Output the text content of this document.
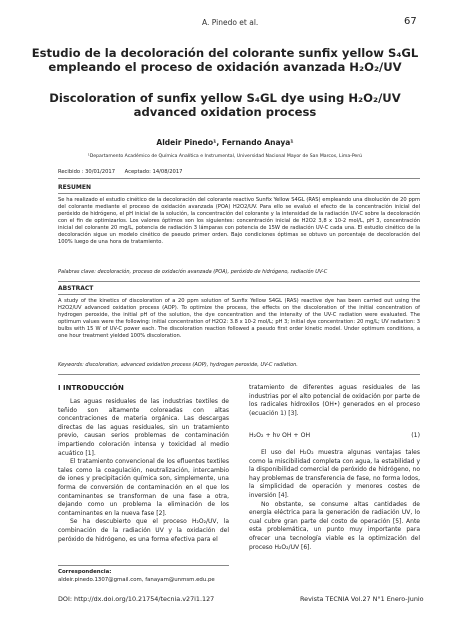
A. Pinedo et al.	67
Estudio de la decoloración del colorante sunfix yellow S₄GL empleando el proceso de oxidación avanzada H₂O₂/UV
Discoloration of sunfix yellow S₄GL dye using H₂O₂/UV advanced oxidation process
Aldeir Pinedo¹, Fernando Anaya¹
¹Departamento Académico de Química Analítica e Instrumental, Universidad Nacional Mayor de San Marcos, Lima-Perú
Recibido : 30/01/2017 Aceptado: 14/08/2017
RESUMEN
Se ha realizado el estudio cinético de la decoloración del colorante reactivo Sunfix Yellow S4GL (RAS) empleando una disolución de 20 ppm del colorante mediante el proceso de oxidación avanzada (POA) H2O2/UV. Para ello se evaluó el efecto de la concentración inicial del peróxido de hidrógeno, el pH inicial de la solución, la concentración del colorante y la intensidad de la radiación UV-C sobre la decoloración con el fin de optimizarlos. Los valores óptimos son los siguientes: concentración inicial de H2O2 3,8 x 10-2 mol/L, pH 3, concentración inicial del colorante 20 mg/L, potencia de radiación 3 lámparas con potencia de 15W de radiación UV-C cada una. El estudio cinético de la decoloración sigue un modelo cinético de pseudo primer orden. Bajo condiciones óptimas se obtuvo un porcentaje de decoloración del 100% luego de una hora de tratamiento.
Palabras clave: decoloración, proceso de oxidación avanzada (POA), peróxido de hidrógeno, radiación UV-C
ABSTRACT
A study of the kinetics of discoloration of a 20 ppm solution of Sunfix Yellow S4GL (RAS) reactive dye has been carried out using the H2O2/UV advanced oxidation process (AOP). To optimize the process, the effects on the discoloration of the initial concentration of hydrogen peroxide, the initial pH of the solution, the dye concentration and the intensity of the UV-C radiation were evaluated. The optimum values were the following: initial concentration of H2O2: 3.8 x 10-2 mol/L; pH 3; initial dye concentration: 20 mg/L; UV radiation: 3 bulbs with 15 W of UV-C power each. The discoloration reaction followed a pseudo first order kinetic model. Under optimum conditions, a one hour treatment yielded 100% discoloration.
Keywords: discoloration, advanced oxidation process (AOP), hydrogen peroxide, UV-C radiation.
I INTRODUCCIÓN
Las aguas residuales de las industrias textiles de teñido son altamente coloreadas con altas concentraciones de materia orgánica. Las descargas directas de las aguas residuales, sin un tratamiento previo, causan serios problemas de contaminación impartiendo coloración intensa y toxicidad al medio acuático [1].
El tratamiento convencional de los efluentes textiles tales como la coagulación, neutralización, intercambio de iones y precipitación química son, simplemente, una forma de conversión de contaminación en el que los contaminantes se transforman de una fase a otra, dejando como un problema la eliminación de los contaminantes en la nueva fase [2].
Se ha descubierto que el proceso H₂O₂/UV, la combinación de la radiación UV y la oxidación del peróxido de hidrógeno, es una forma efectiva para el
tratamiento de diferentes aguas residuales de las industrias por el alto potencial de oxidación por parte de los radicales hidroxilos (OH•) generados en el proceso (ecuación 1) [3].
H₂O₂ + hν OH + OH	(1)
El uso del H₂O₂ muestra algunas ventajas tales como la miscibilidad completa con agua, la estabilidad y la disponibilidad comercial de peróxido de hidrógeno, no hay problemas de transferencia de fase, no forma lodos, la simplicidad de operación y menores costes de inversión [4].
No obstante, se consume altas cantidades de energía eléctrica para la generación de radiación UV, lo cual cubre gran parte del costo de operación [5]. Ante esta problemática, un punto muy importante para ofrecer una tecnología viable es la optimización del proceso H₂O₂/UV [6].
Correspondencia:
aldeir.pinedo.1307@gmail.com, fanayam@unmsm.edu.pe
DOI: http://dx.doi.org/10.21754/tecnia.v27i1.127	Revista TECNIA Vol.27 N°1 Enero-Junio
